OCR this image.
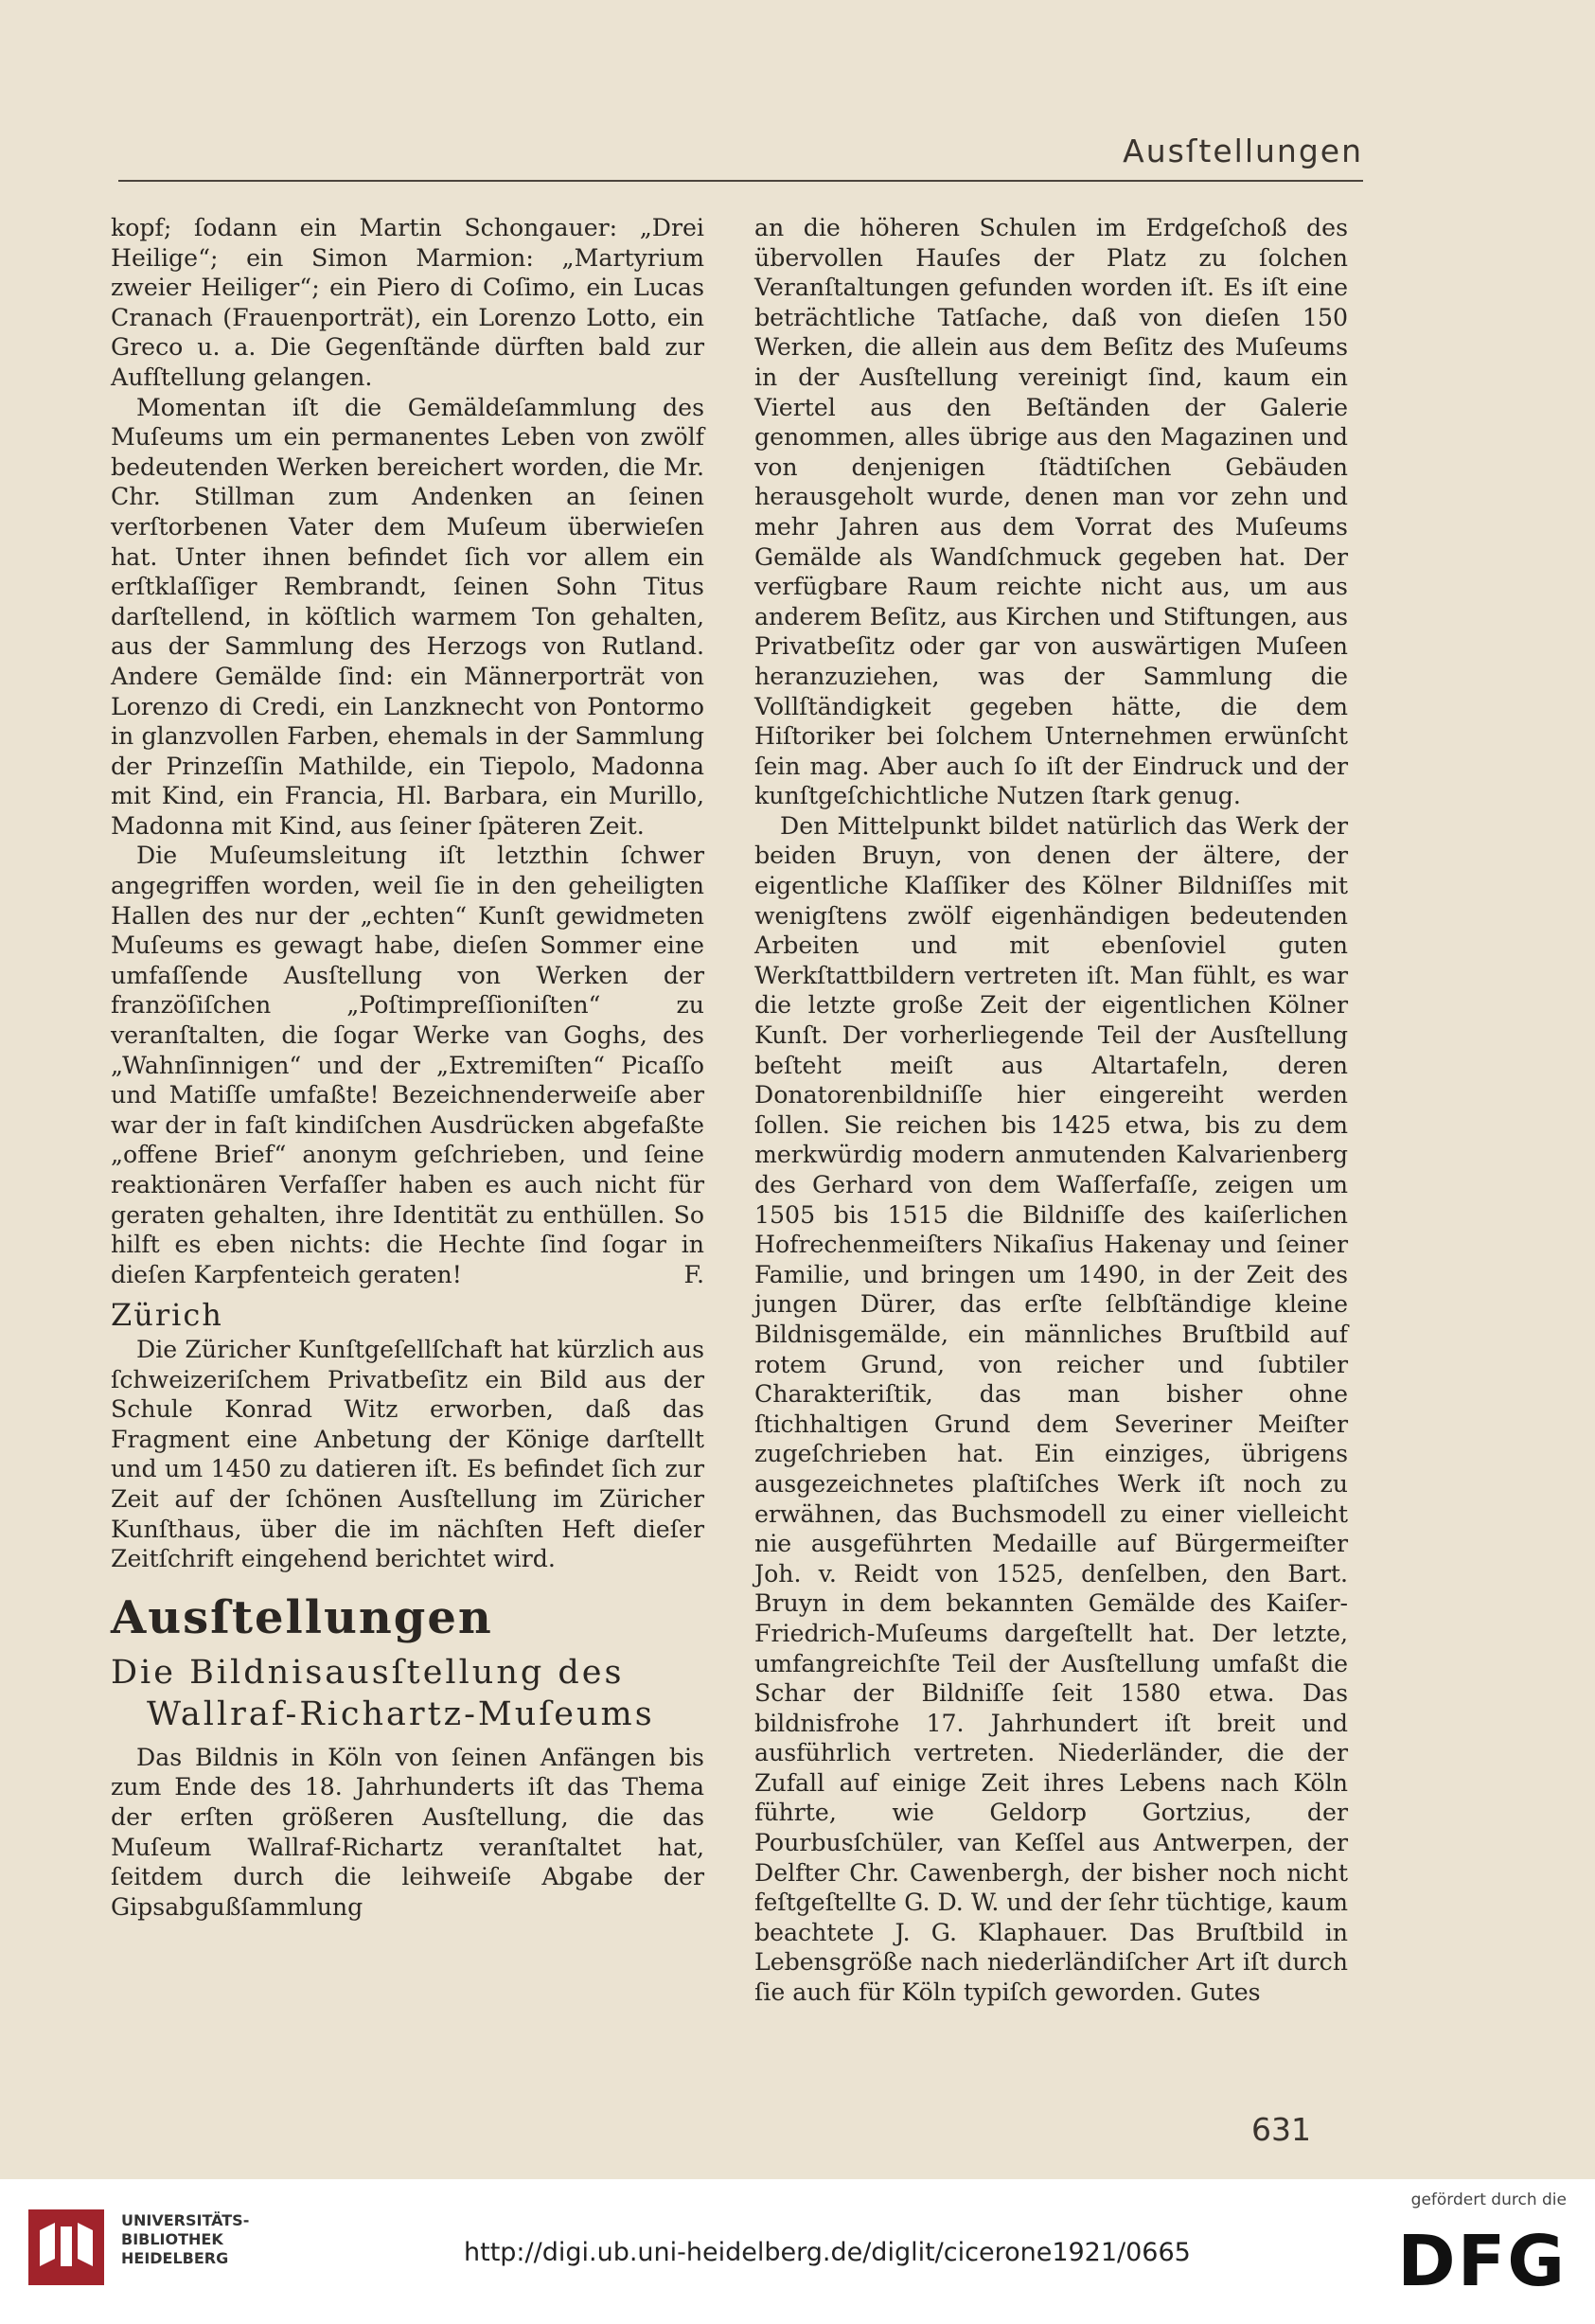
Ausſtellungen

kopf; ſodann ein Martin Schongauer: „Drei Heilige“; ein Simon Marmion: „Martyrium zweier Heiliger“; ein Piero di Coſimo, ein Lucas Cranach (Frauenporträt), ein Lorenzo Lotto, ein Greco u. a. Die Gegenſtände dürften bald zur Aufſtellung gelangen.

Momentan iſt die Gemäldeſammlung des Muſeums um ein permanentes Leben von zwölf bedeutenden Werken bereichert worden, die Mr. Chr. Stillman zum Andenken an ſeinen verſtorbenen Vater dem Muſeum überwieſen hat. Unter ihnen befindet ſich vor allem ein erſtklaſſiger Rembrandt, ſeinen Sohn Titus darſtellend, in köſtlich warmem Ton gehalten, aus der Sammlung des Herzogs von Rutland. Andere Gemälde ſind: ein Männerporträt von Lorenzo di Credi, ein Lanzknecht von Pontormo in glanzvollen Farben, ehemals in der Sammlung der Prinzeſſin Mathilde, ein Tiepolo, Madonna mit Kind, ein Francia, Hl. Barbara, ein Murillo, Madonna mit Kind, aus ſeiner ſpäteren Zeit.

Die Muſeumsleitung iſt letzthin ſchwer angegriffen worden, weil ſie in den geheiligten Hallen des nur der „echten“ Kunſt gewidmeten Muſeums es gewagt habe, dieſen Sommer eine umfaſſende Ausſtellung von Werken der franzöſiſchen „Poſtimpreſſioniſten“ zu veranſtalten, die ſogar Werke van Goghs, des „Wahnſinnigen“ und der „Extremiſten“ Picaſſo und Matiſſe umfaßte! Bezeichnenderweiſe aber war der in faſt kindiſchen Ausdrücken abgefaßte „offene Brief“ anonym geſchrieben, und ſeine reaktionären Verfaſſer haben es auch nicht für geraten gehalten, ihre Identität zu enthüllen. So hilft es eben nichts: die Hechte ſind ſogar in dieſen Karpfenteich geraten!	F.

Zürich

Die Züricher Kunſtgeſellſchaft hat kürzlich aus ſchweizeriſchem Privatbeſitz ein Bild aus der Schule Konrad Witz erworben, daß das Fragment eine Anbetung der Könige darſtellt und um 1450 zu datieren iſt. Es befindet ſich zur Zeit auf der ſchönen Ausſtellung im Züricher Kunſthaus, über die im nächſten Heft dieſer Zeitſchrift eingehend berichtet wird.

Ausſtellungen
Die Bildnisausſtellung des
Wallraf-Richartz-Muſeums

Das Bildnis in Köln von ſeinen Anfängen bis zum Ende des 18. Jahrhunderts iſt das Thema der erſten größeren Ausſtellung, die das Muſeum Wallraf-Richartz veranſtaltet hat, ſeitdem durch die leihweiſe Abgabe der Gipsabgußſammlung

an die höheren Schulen im Erdgeſchoß des übervollen Hauſes der Platz zu ſolchen Veranſtaltungen gefunden worden iſt. Es iſt eine beträchtliche Tatſache, daß von dieſen 150 Werken, die allein aus dem Beſitz des Muſeums in der Ausſtellung vereinigt ſind, kaum ein Viertel aus den Beſtänden der Galerie genommen, alles übrige aus den Magazinen und von denjenigen ſtädtiſchen Gebäuden herausgeholt wurde, denen man vor zehn und mehr Jahren aus dem Vorrat des Muſeums Gemälde als Wandſchmuck gegeben hat. Der verfügbare Raum reichte nicht aus, um aus anderem Beſitz, aus Kirchen und Stiftungen, aus Privatbeſitz oder gar von auswärtigen Muſeen heranzuziehen, was der Sammlung die Vollſtändigkeit gegeben hätte, die dem Hiſtoriker bei ſolchem Unternehmen erwünſcht ſein mag. Aber auch ſo iſt der Eindruck und der kunſtgeſchichtliche Nutzen ſtark genug.

Den Mittelpunkt bildet natürlich das Werk der beiden Bruyn, von denen der ältere, der eigentliche Klaſſiker des Kölner Bildniſſes mit wenigſtens zwölf eigenhändigen bedeutenden Arbeiten und mit ebenſoviel guten Werkſtattbildern vertreten iſt. Man fühlt, es war die letzte große Zeit der eigentlichen Kölner Kunſt. Der vorherliegende Teil der Ausſtellung beſteht meiſt aus Altartafeln, deren Donatorenbildniſſe hier eingereiht werden ſollen. Sie reichen bis 1425 etwa, bis zu dem merkwürdig modern anmutenden Kalvarienberg des Gerhard von dem Waſſerfaſſe, zeigen um 1505 bis 1515 die Bildniſſe des kaiſerlichen Hofrechenmeiſters Nikaſius Hakenay und ſeiner Familie, und bringen um 1490, in der Zeit des jungen Dürer, das erſte ſelbſtändige kleine Bildnisgemälde, ein männliches Bruſtbild auf rotem Grund, von reicher und ſubtiler Charakteriſtik, das man bisher ohne ſtichhaltigen Grund dem Severiner Meiſter zugeſchrieben hat. Ein einziges, übrigens ausgezeichnetes plaſtiſches Werk iſt noch zu erwähnen, das Buchsmodell zu einer vielleicht nie ausgeführten Medaille auf Bürgermeiſter Joh. v. Reidt von 1525, denſelben, den Bart. Bruyn in dem bekannten Gemälde des Kaiſer-Friedrich-Muſeums dargeſtellt hat. Der letzte, umfangreichſte Teil der Ausſtellung umfaßt die Schar der Bildniſſe ſeit 1580 etwa. Das bildnisfrohe 17. Jahrhundert iſt breit und ausführlich vertreten. Niederländer, die der Zufall auf einige Zeit ihres Lebens nach Köln führte, wie Geldorp Gortzius, der Pourbusſchüler, van Keſſel aus Antwerpen, der Delfter Chr. Cawenbergh, der bisher noch nicht feſtgeſtellte G. D. W. und der ſehr tüchtige, kaum beachtete J. G. Klaphauer. Das Bruſtbild in Lebensgröße nach niederländiſcher Art iſt durch ſie auch für Köln typiſch geworden. Gutes

631
UNIVERSITÄTS-
BIBLIOTHEK
HEIDELBERG	http://digi.ub.uni-heidelberg.de/diglit/cicerone1921/0665
gefördert durch die
DFG
